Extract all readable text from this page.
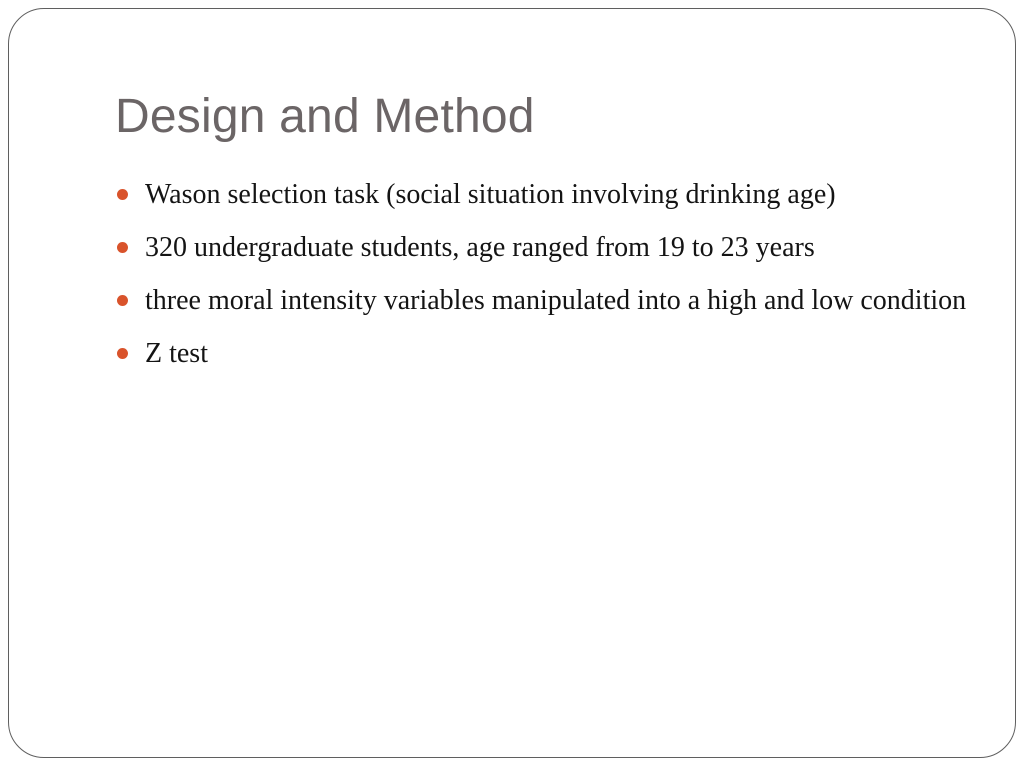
Design and Method
Wason selection task (social situation involving drinking age)
320 undergraduate students, age ranged from 19 to 23 years
three moral intensity variables manipulated into a high and low condition
Z test
